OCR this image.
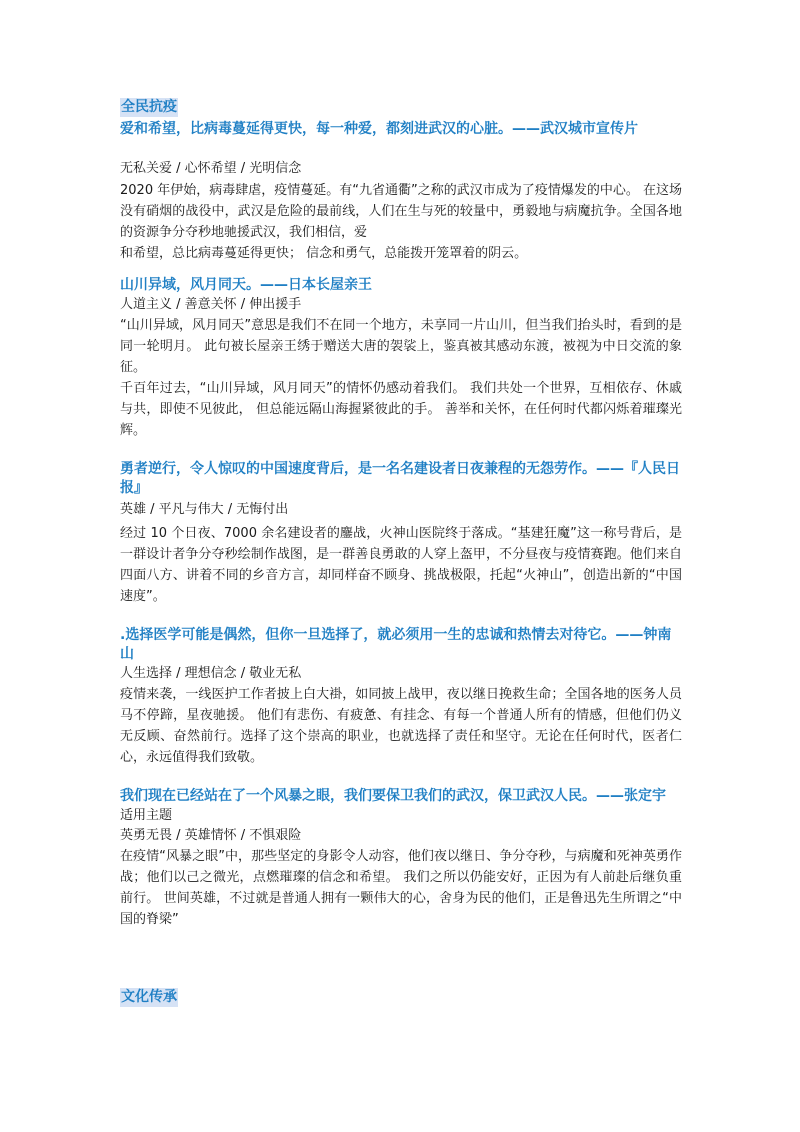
全民抗疫

爱和希望，比病毒蔓延得更快，每一种爱，都刻进武汉的心脏。——武汉城市宣传片

无私关爱 / 心怀希望 / 光明信念

2020 年伊始，病毒肆虐，疫情蔓延。有“九省通衢”之称的武汉市成为了疫情爆发的中心。 在这场没有硝烟的战役中，武汉是危险的最前线，人们在生与死的较量中，勇毅地与病魔抗争。全国各地的资源争分夺秒地驰援武汉，我们相信，爱

和希望，总比病毒蔓延得更快； 信念和勇气，总能拨开笼罩着的阴云。

山川异域，风月同天。——日本长屋亲王

人道主义 / 善意关怀 / 伸出援手

“山川异域，风月同天”意思是我们不在同一个地方，未享同一片山川，但当我们抬头时，看到的是同一轮明月。 此句被长屋亲王绣于赠送大唐的袈裟上，鉴真被其感动东渡，被视为中日交流的象征。

千百年过去，“山川异域，风月同天”的情怀仍感动着我们。 我们共处一个世界，互相依存、休戚与共，即使不见彼此， 但总能远隔山海握紧彼此的手。 善举和关怀，在任何时代都闪烁着璀璨光辉。

勇者逆行，令人惊叹的中国速度背后，是一名名建设者日夜兼程的无怨劳作。——『人民日报』

英雄 / 平凡与伟大 / 无悔付出

经过 10 个日夜、7000 余名建设者的鏖战，火神山医院终于落成。“基建狂魔”这一称号背后，是一群设计者争分夺秒绘制作战图，是一群善良勇敢的人穿上盔甲，不分昼夜与疫情赛跑。他们来自四面八方、讲着不同的乡音方言，却同样奋不顾身、挑战极限，托起“火神山”，创造出新的“中国速度”。

.选择医学可能是偶然，但你一旦选择了，就必须用一生的忠诚和热情去对待它。——钟南山

人生选择 / 理想信念 / 敬业无私

疫情来袭，一线医护工作者披上白大褂，如同披上战甲，夜以继日挽救生命；全国各地的医务人员马不停蹄，星夜驰援。 他们有悲伤、有疲惫、有挂念、有每一个普通人所有的情感，但他们仍义无反顾、奋然前行。选择了这个崇高的职业，也就选择了责任和坚守。无论在任何时代，医者仁心，永远值得我们致敬。

我们现在已经站在了一个风暴之眼，我们要保卫我们的武汉，保卫武汉人民。——张定宇

适用主题

英勇无畏 / 英雄情怀 / 不惧艰险

在疫情“风暴之眼”中，那些坚定的身影令人动容，他们夜以继日、争分夺秒，与病魔和死神英勇作战；他们以己之微光，点燃璀璨的信念和希望。 我们之所以仍能安好，正因为有人前赴后继负重前行。 世间英雄，不过就是普通人拥有一颗伟大的心，舍身为民的他们，正是鲁迅先生所谓之“中国的脊梁”

文化传承
